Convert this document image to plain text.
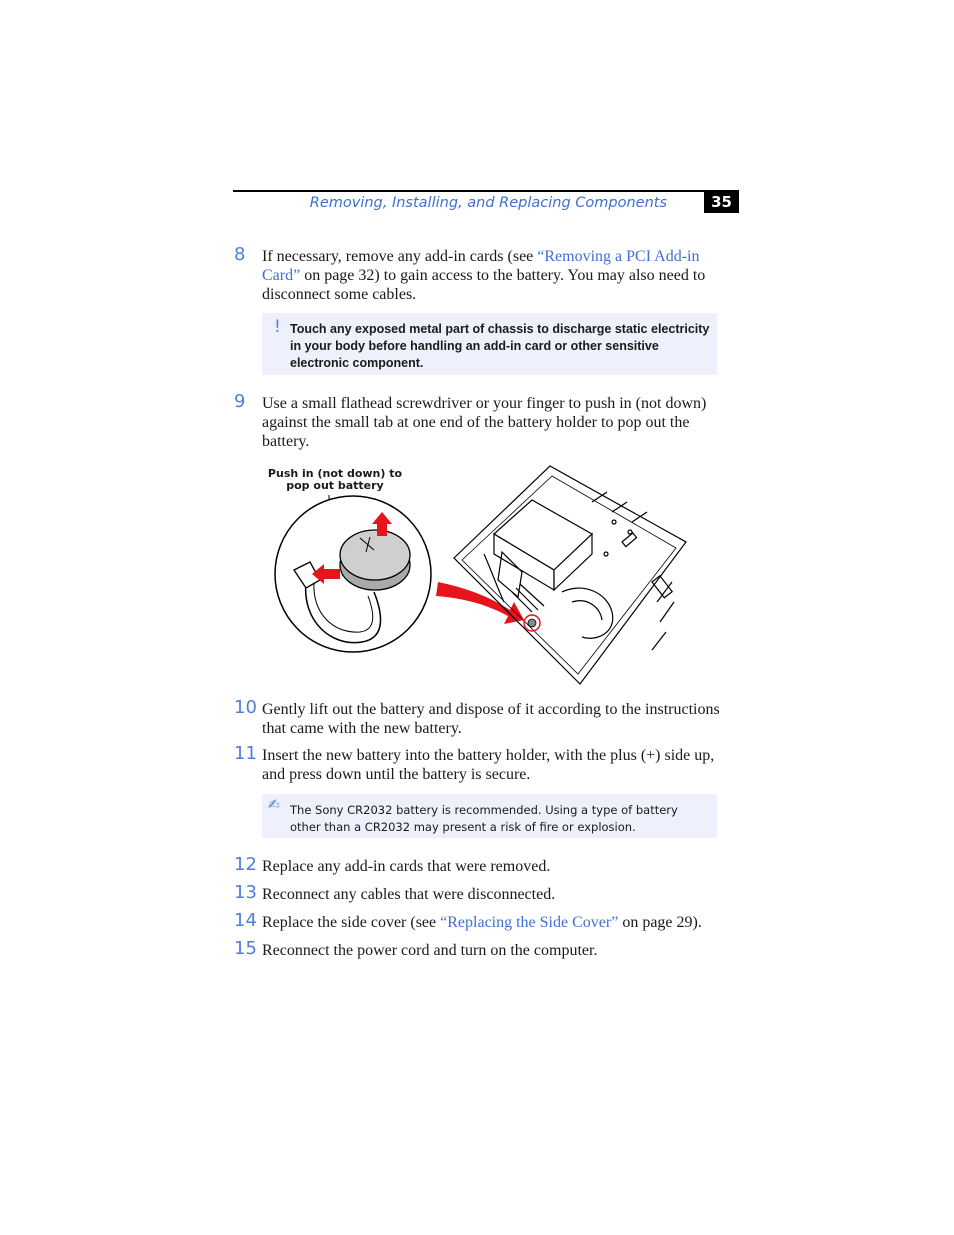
Removing, Installing, and Replacing Components	35
8 If necessary, remove any add-in cards (see “Removing a PCI Add-in Card” on page 32) to gain access to the battery. You may also need to disconnect some cables.
! Touch any exposed metal part of chassis to discharge static electricity in your body before handling an add-in card or other sensitive electronic component.
9 Use a small flathead screwdriver or your finger to push in (not down) against the small tab at one end of the battery holder to pop out the battery.
Push in (not down) to
pop out battery
10 Gently lift out the battery and dispose of it according to the instructions that came with the new battery.
11 Insert the new battery into the battery holder, with the plus (+) side up, and press down until the battery is secure.
✍ The Sony CR2032 battery is recommended. Using a type of battery other than a CR2032 may present a risk of fire or explosion.
12 Replace any add-in cards that were removed.
13 Reconnect any cables that were disconnected.
14 Replace the side cover (see “Replacing the Side Cover” on page 29).
15 Reconnect the power cord and turn on the computer.
